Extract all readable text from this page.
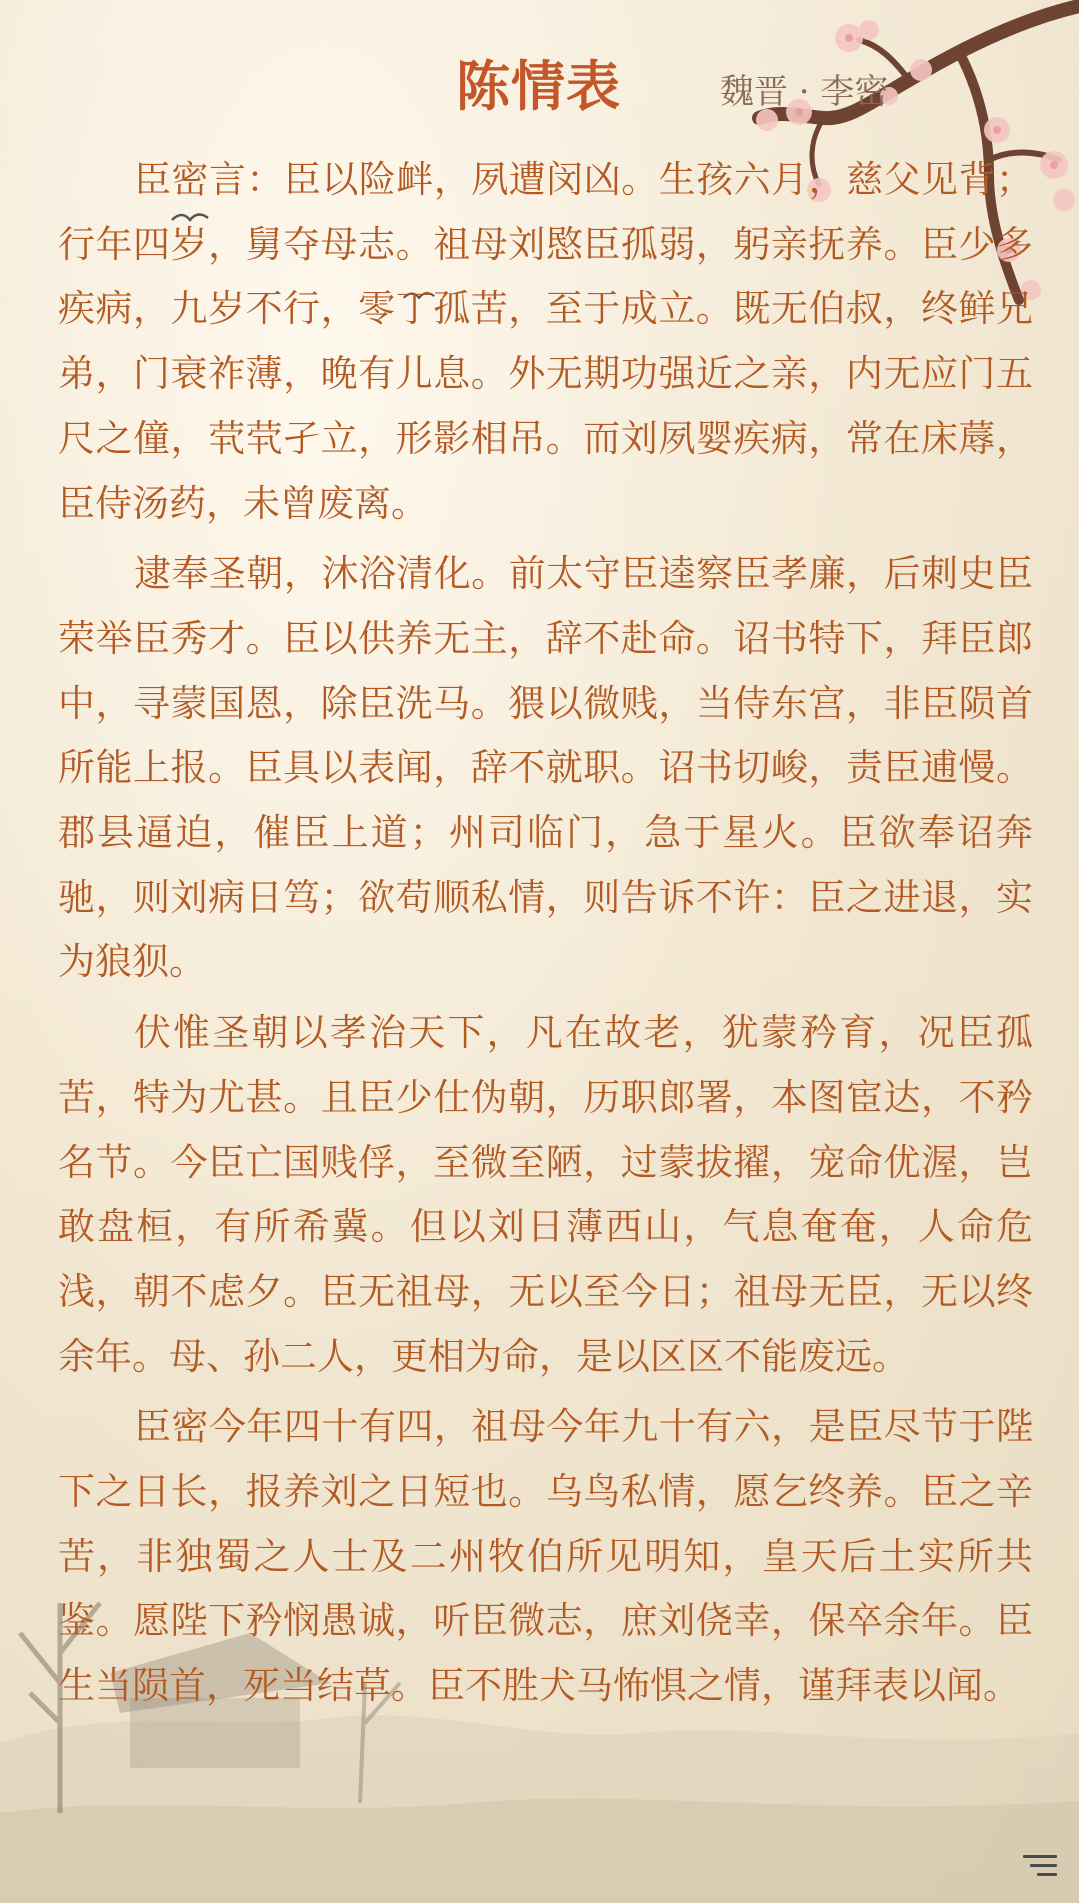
陈情表	魏晋 · 李密

臣密言：臣以险衅，夙遭闵凶。生孩六月，慈父见背；行年四岁，舅夺母志。祖母刘愍臣孤弱，躬亲抚养。臣少多疾病，九岁不行，零丁孤苦，至于成立。既无伯叔，终鲜兄弟，门衰祚薄，晚有儿息。外无期功强近之亲，内无应门五尺之僮，茕茕孑立，形影相吊。而刘夙婴疾病，常在床蓐，臣侍汤药，未曾废离。

逮奉圣朝，沐浴清化。前太守臣逵察臣孝廉，后刺史臣荣举臣秀才。臣以供养无主，辞不赴命。诏书特下，拜臣郎中，寻蒙国恩，除臣洗马。猥以微贱，当侍东宫，非臣陨首所能上报。臣具以表闻，辞不就职。诏书切峻，责臣逋慢。郡县逼迫，催臣上道；州司临门，急于星火。臣欲奉诏奔驰，则刘病日笃；欲苟顺私情，则告诉不许：臣之进退，实为狼狈。

伏惟圣朝以孝治天下，凡在故老，犹蒙矜育，况臣孤苦，特为尤甚。且臣少仕伪朝，历职郎署，本图宦达，不矜名节。今臣亡国贱俘，至微至陋，过蒙拔擢，宠命优渥，岂敢盘桓，有所希冀。但以刘日薄西山，气息奄奄，人命危浅，朝不虑夕。臣无祖母，无以至今日；祖母无臣，无以终余年。母、孙二人，更相为命，是以区区不能废远。

臣密今年四十有四，祖母今年九十有六，是臣尽节于陛下之日长，报养刘之日短也。乌鸟私情，愿乞终养。臣之辛苦，非独蜀之人士及二州牧伯所见明知，皇天后土实所共鉴。愿陛下矜悯愚诚，听臣微志，庶刘侥幸，保卒余年。臣生当陨首，死当结草。臣不胜犬马怖惧之情，谨拜表以闻。
